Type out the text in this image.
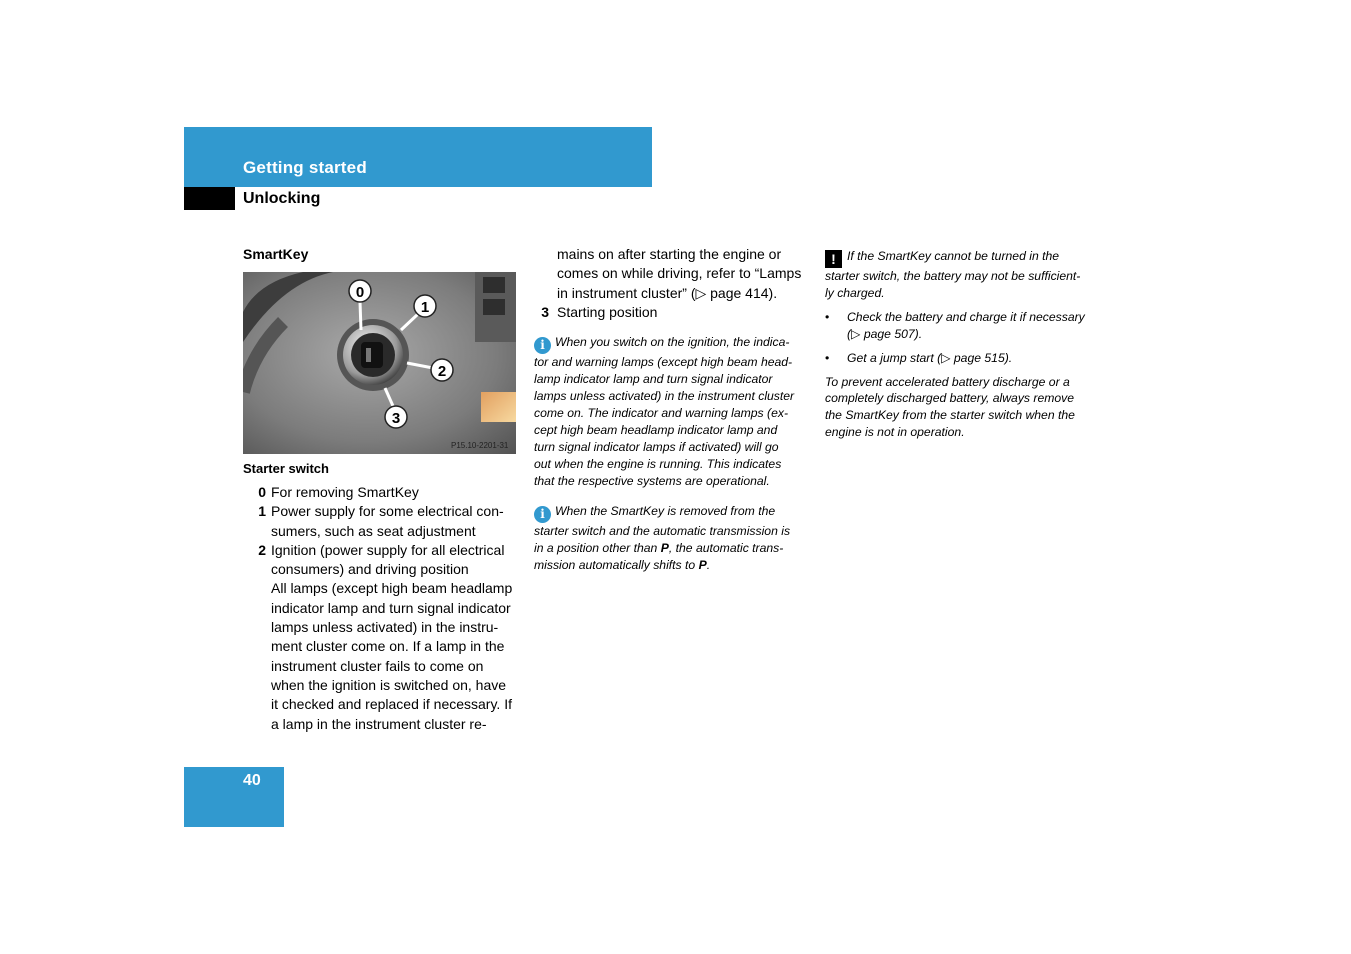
Getting started
Unlocking
SmartKey
0
1
2
3
P15.10-2201-31
Starter switch
0 For removing SmartKey
1 Power supply for some electrical con-
sumers, such as seat adjustment
2 Ignition (power supply for all electrical
consumers) and driving position
All lamps (except high beam headlamp
indicator lamp and turn signal indicator
lamps unless activated) in the instru-
ment cluster come on. If a lamp in the
instrument cluster fails to come on
when the ignition is switched on, have
it checked and replaced if necessary. If
a lamp in the instrument cluster re-
mains on after starting the engine or
comes on while driving, refer to “Lamps
in instrument cluster” (▷ page 414).
3 Starting position
i When you switch on the ignition, the indica-
tor and warning lamps (except high beam head-
lamp indicator lamp and turn signal indicator
lamps unless activated) in the instrument cluster
come on. The indicator and warning lamps (ex-
cept high beam headlamp indicator lamp and
turn signal indicator lamps if activated) will go
out when the engine is running. This indicates
that the respective systems are operational.
i When the SmartKey is removed from the
starter switch and the automatic transmission is
in a position other than P, the automatic trans-
mission automatically shifts to P.
! If the SmartKey cannot be turned in the
starter switch, the battery may not be sufficient-
ly charged.
•	Check the battery and charge it if necessary
(▷ page 507).
•	Get a jump start (▷ page 515).
To prevent accelerated battery discharge or a
completely discharged battery, always remove
the SmartKey from the starter switch when the
engine is not in operation.
40
